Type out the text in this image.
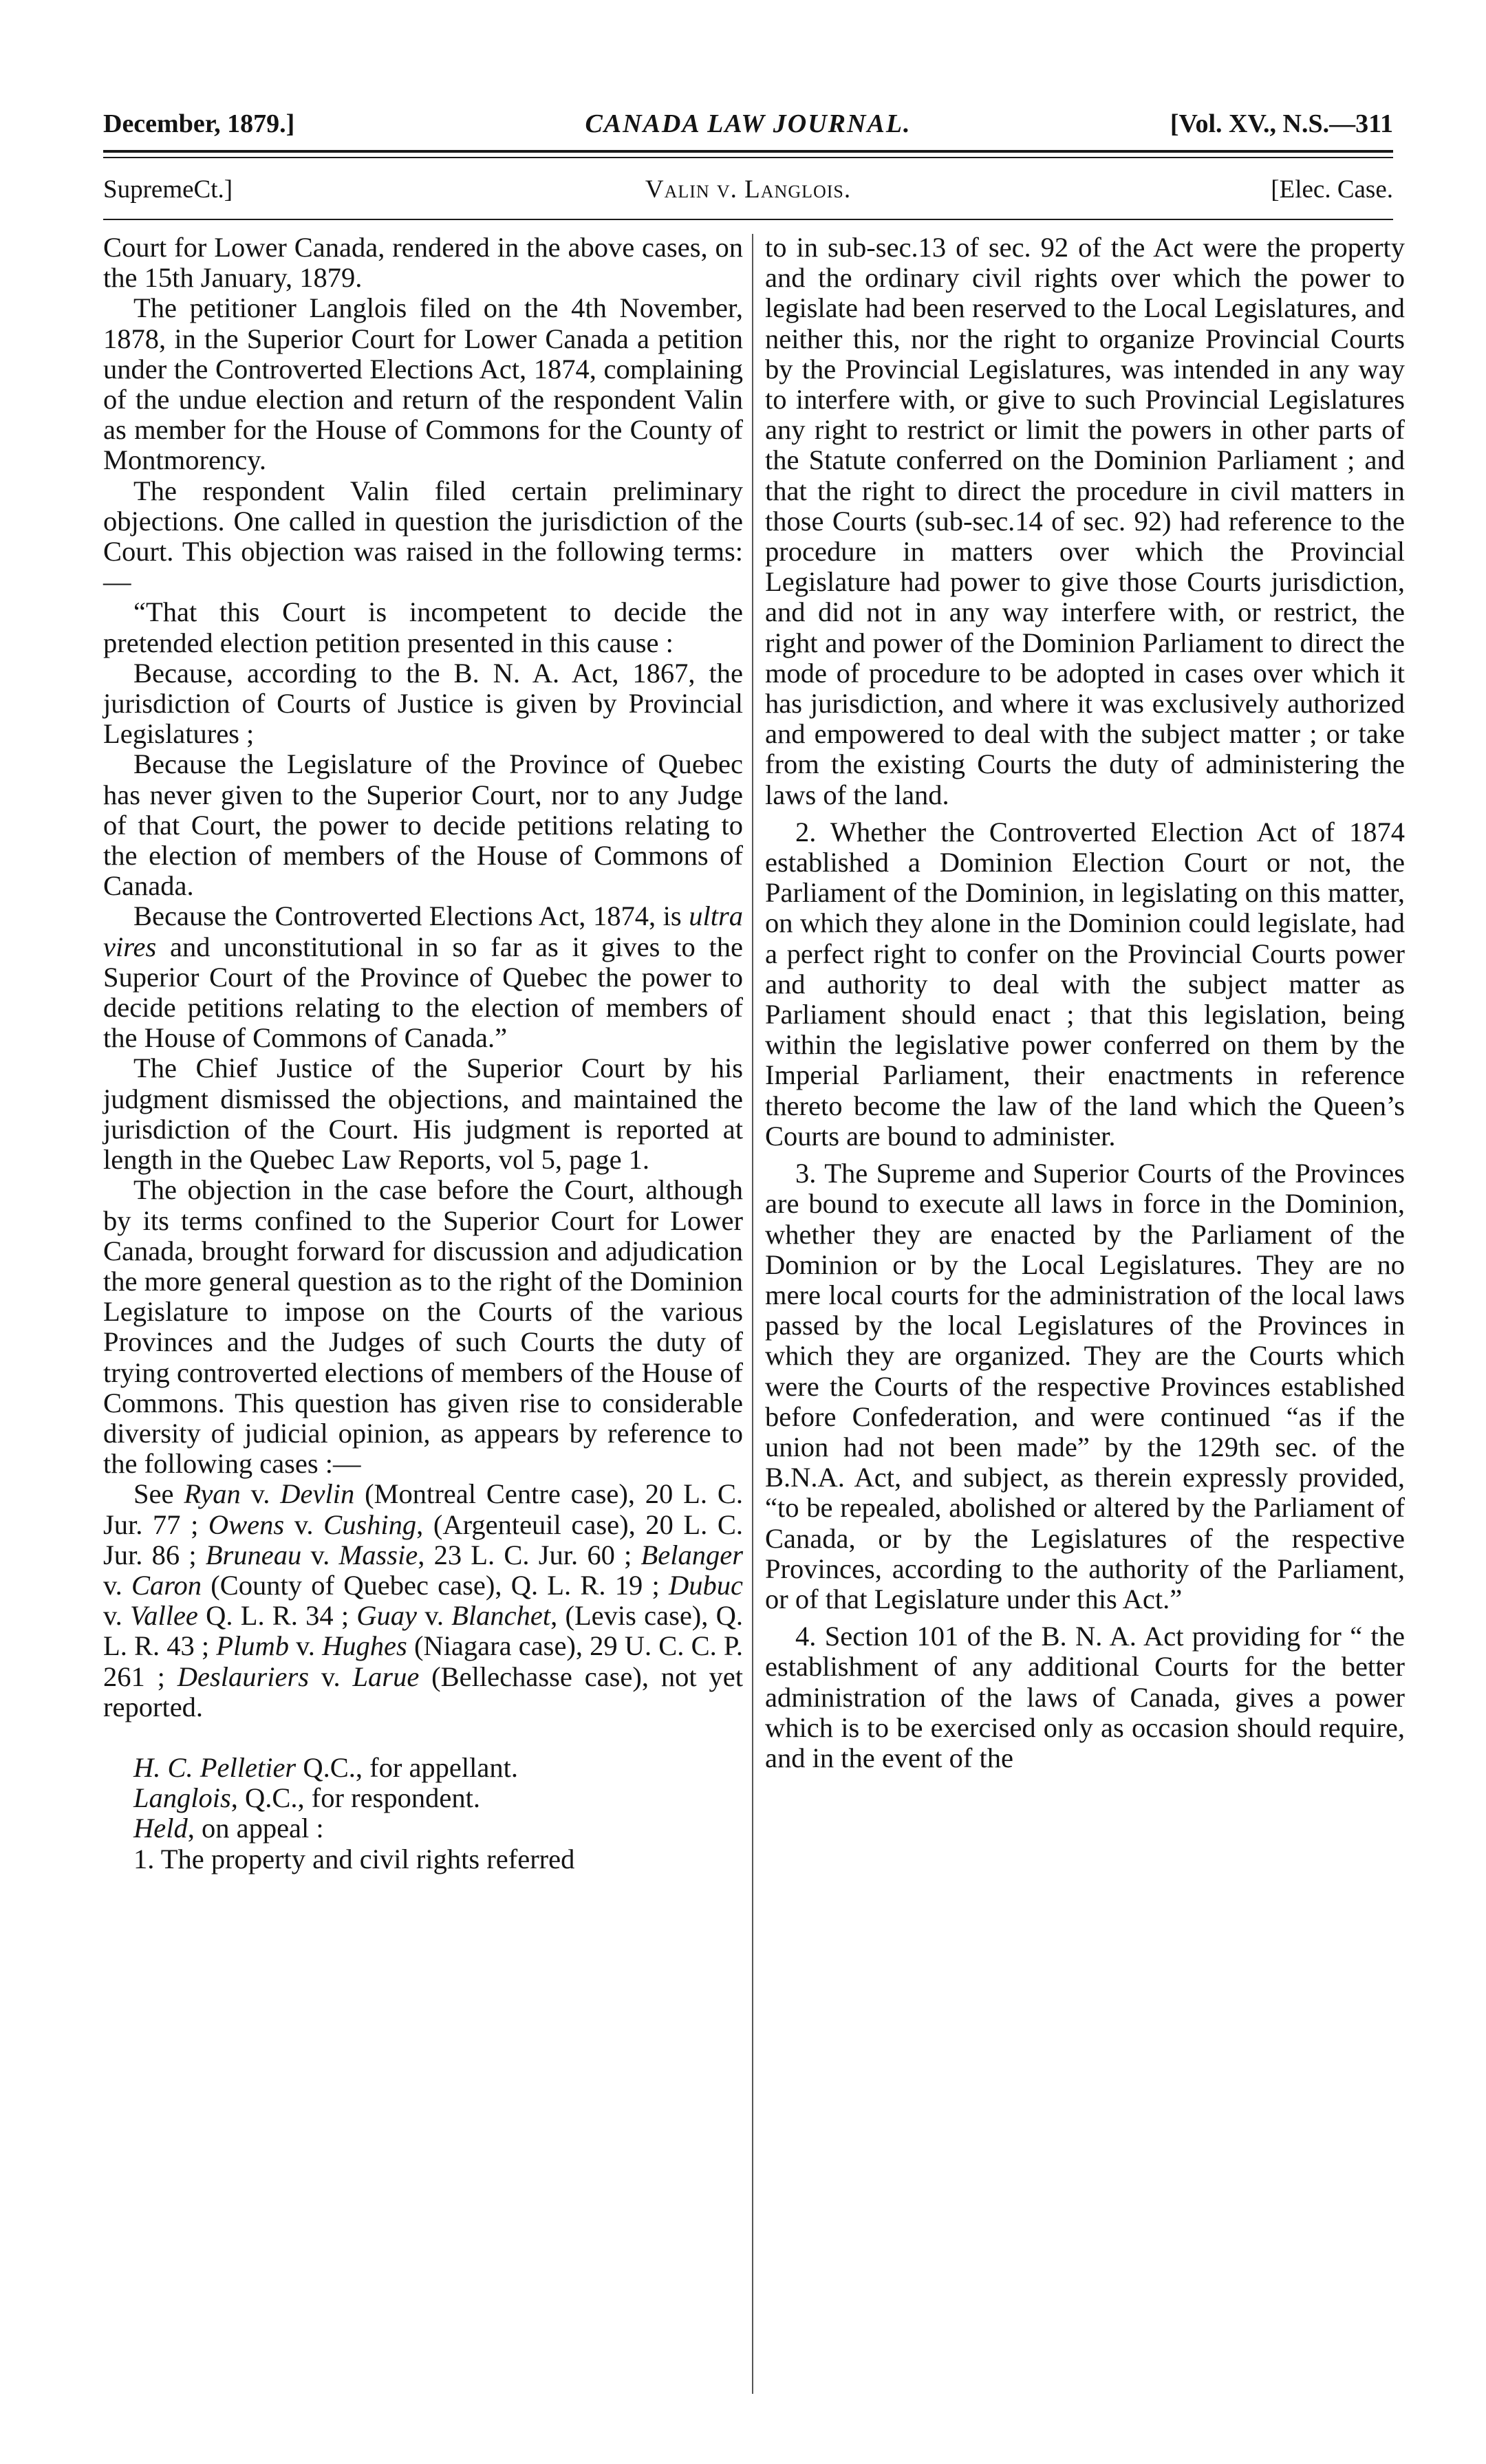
December, 1879.]	CANADA LAW JOURNAL.	[Vol. XV., N.S.—311
SupremeCt.]	Valin v. Langlois.	[Elec. Case.

Court for Lower Canada, rendered in the above cases, on the 15th January, 1879.

The petitioner Langlois filed on the 4th November, 1878, in the Superior Court for Lower Canada a petition under the Controverted Elections Act, 1874, complaining of the undue election and return of the respondent Valin as member for the House of Commons for the County of Montmorency.

The respondent Valin filed certain preliminary objections. One called in question the jurisdiction of the Court. This objection was raised in the following terms:—

“That this Court is incompetent to decide the pretended election petition presented in this cause :

Because, according to the B. N. A. Act, 1867, the jurisdiction of Courts of Justice is given by Provincial Legislatures ;

Because the Legislature of the Province of Quebec has never given to the Superior Court, nor to any Judge of that Court, the power to decide petitions relating to the election of members of the House of Commons of Canada.

Because the Controverted Elections Act, 1874, is ultra vires and unconstitutional in so far as it gives to the Superior Court of the Province of Quebec the power to decide petitions relating to the election of members of the House of Commons of Canada.”

The Chief Justice of the Superior Court by his judgment dismissed the objections, and maintained the jurisdiction of the Court. His judgment is reported at length in the Quebec Law Reports, vol 5, page 1.

The objection in the case before the Court, although by its terms confined to the Superior Court for Lower Canada, brought forward for discussion and adjudication the more general question as to the right of the Dominion Legislature to impose on the Courts of the various Provinces and the Judges of such Courts the duty of trying controverted elections of members of the House of Commons. This question has given rise to considerable diversity of judicial opinion, as appears by reference to the following cases :—

See Ryan v. Devlin (Montreal Centre case), 20 L. C. Jur. 77 ; Owens v. Cushing, (Argenteuil case), 20 L. C. Jur. 86 ; Bruneau v. Massie, 23 L. C. Jur. 60 ; Belanger v. Caron (County of Quebec case), Q. L. R. 19 ; Dubuc v. Vallee Q. L. R. 34 ; Guay v. Blanchet, (Levis case), Q. L. R. 43 ; Plumb v. Hughes (Niagara case), 29 U. C. C. P. 261 ; Deslauriers v. Larue (Bellechasse case), not yet reported.

H. C. Pelletier Q.C., for appellant.

Langlois, Q.C., for respondent.

Held, on appeal :

1. The property and civil rights referred

to in sub-sec.13 of sec. 92 of the Act were the property and the ordinary civil rights over which the power to legislate had been reserved to the Local Legislatures, and neither this, nor the right to organize Provincial Courts by the Provincial Legislatures, was intended in any way to interfere with, or give to such Provincial Legislatures any right to restrict or limit the powers in other parts of the Statute conferred on the Dominion Parliament ; and that the right to direct the procedure in civil matters in those Courts (sub-sec.14 of sec. 92) had reference to the procedure in matters over which the Provincial Legislature had power to give those Courts jurisdiction, and did not in any way interfere with, or restrict, the right and power of the Dominion Parliament to direct the mode of procedure to be adopted in cases over which it has jurisdiction, and where it was exclusively authorized and empowered to deal with the subject matter ; or take from the existing Courts the duty of administering the laws of the land.

2. Whether the Controverted Election Act of 1874 established a Dominion Election Court or not, the Parliament of the Dominion, in legislating on this matter, on which they alone in the Dominion could legislate, had a perfect right to confer on the Provincial Courts power and authority to deal with the subject matter as Parliament should enact ; that this legislation, being within the legislative power conferred on them by the Imperial Parliament, their enactments in reference thereto become the law of the land which the Queen’s Courts are bound to administer.

3. The Supreme and Superior Courts of the Provinces are bound to execute all laws in force in the Dominion, whether they are enacted by the Parliament of the Dominion or by the Local Legislatures. They are no mere local courts for the administration of the local laws passed by the local Legislatures of the Provinces in which they are organized. They are the Courts which were the Courts of the respective Provinces established before Confederation, and were continued “as if the union had not been made” by the 129th sec. of the B.N.A. Act, and subject, as therein expressly provided, “to be repealed, abolished or altered by the Parliament of Canada, or by the Legislatures of the respective Provinces, according to the authority of the Parliament, or of that Legislature under this Act.”

4. Section 101 of the B. N. A. Act providing for “ the establishment of any additional Courts for the better administration of the laws of Canada, gives a power which is to be exercised only as occasion should require, and in the event of the
